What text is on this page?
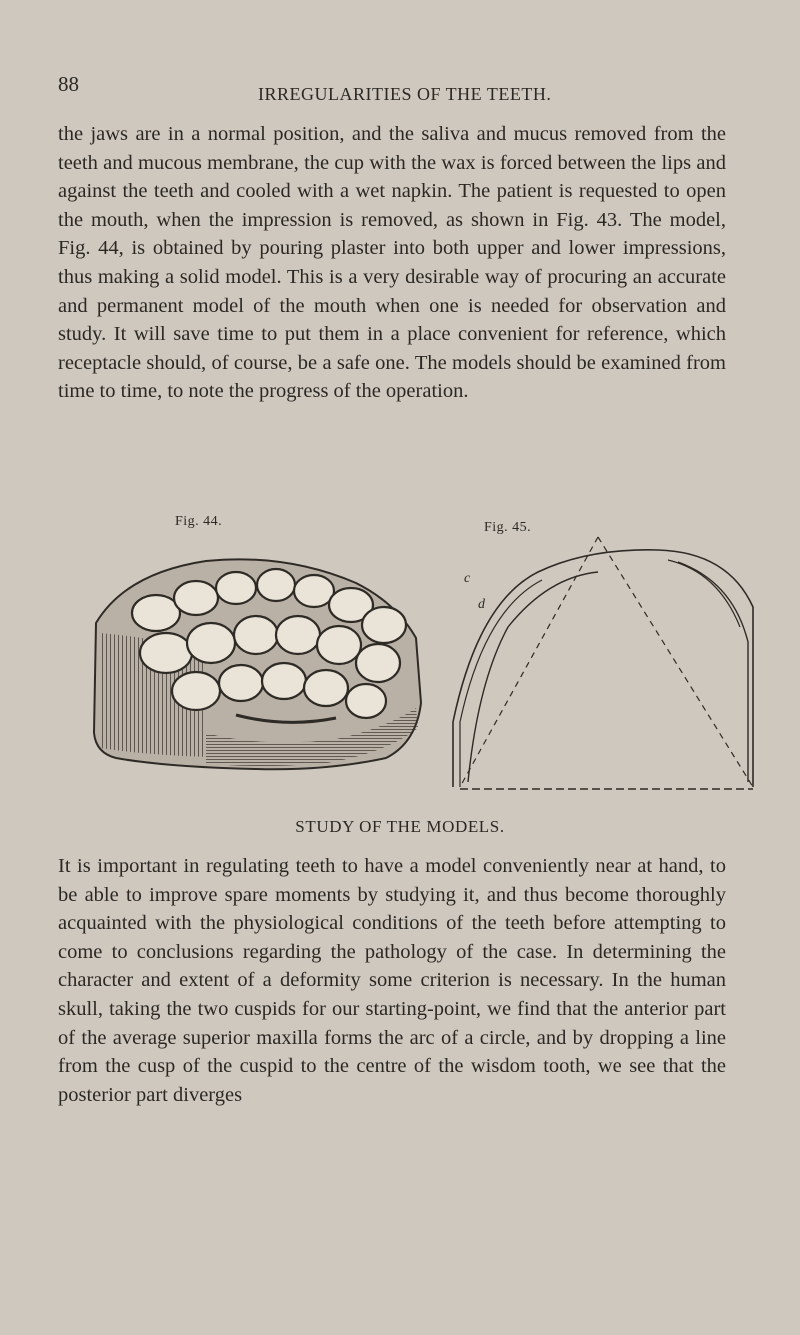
88	IRREGULARITIES OF THE TEETH.

the jaws are in a normal position, and the saliva and mucus removed from the teeth and mucous membrane, the cup with the wax is forced between the lips and against the teeth and cooled with a wet napkin. The patient is requested to open the mouth, when the impression is removed, as shown in Fig. 43. The model, Fig. 44, is obtained by pouring plaster into both upper and lower impressions, thus making a solid model. This is a very desirable way of procuring an accurate and permanent model of the mouth when one is needed for observation and study. It will save time to put them in a place convenient for reference, which receptacle should, of course, be a safe one. The models should be examined from time to time, to note the progress of the operation.

Fig. 44.	Fig. 45.
c
d
STUDY OF THE MODELS.

It is important in regulating teeth to have a model conveniently near at hand, to be able to improve spare moments by studying it, and thus become thoroughly acquainted with the physiological conditions of the teeth before attempting to come to conclusions regarding the pathology of the case. In determining the character and extent of a deformity some criterion is necessary. In the human skull, taking the two cuspids for our starting-point, we find that the anterior part of the average superior maxilla forms the arc of a circle, and by dropping a line from the cusp of the cuspid to the centre of the wisdom tooth, we see that the posterior part diverges
